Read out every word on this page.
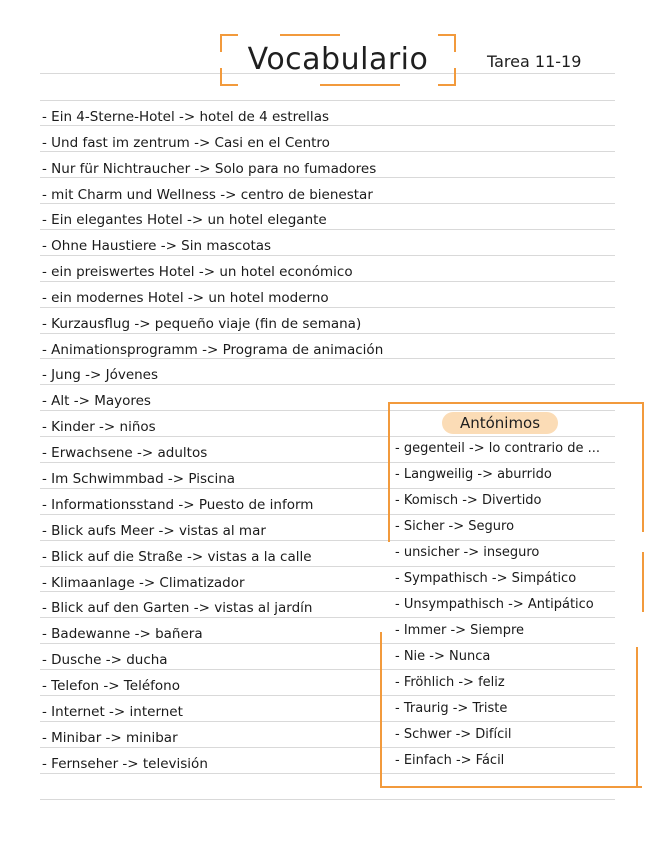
Vocabulario	Tarea 11-19
- Ein 4-Sterne-Hotel -> hotel de 4 estrellas
- Und fast im zentrum -> Casi en el Centro
- Nur für Nichtraucher -> Solo para no fumadores
- mit Charm und Wellness -> centro de bienestar
- Ein elegantes Hotel -> un hotel elegante
- Ohne Haustiere -> Sin mascotas
- ein preiswertes Hotel -> un hotel económico
- ein modernes Hotel -> un hotel moderno
- Kurzausflug -> pequeño viaje (fin de semana)
- Animationsprogramm -> Programa de animación
- Jung -> Jóvenes
- Alt -> Mayores
- Kinder -> niños
- Erwachsene -> adultos
- Im Schwimmbad -> Piscina
- Informationsstand -> Puesto de inform
- Blick aufs Meer -> vistas al mar
- Blick auf die Straße -> vistas a la calle
- Klimaanlage -> Climatizador
- Blick auf den Garten -> vistas al jardín
- Badewanne -> bañera
- Dusche -> ducha
- Telefon -> Teléfono
- Internet -> internet
- Minibar -> minibar
- Fernseher -> televisión
Antónimos
- gegenteil -> lo contrario de ...
- Langweilig -> aburrido
- Komisch -> Divertido
- Sicher -> Seguro
- unsicher -> inseguro
- Sympathisch -> Simpático
- Unsympathisch -> Antipático
- Immer -> Siempre
- Nie -> Nunca
- Fröhlich -> feliz
- Traurig -> Triste
- Schwer -> Difícil
- Einfach -> Fácil
